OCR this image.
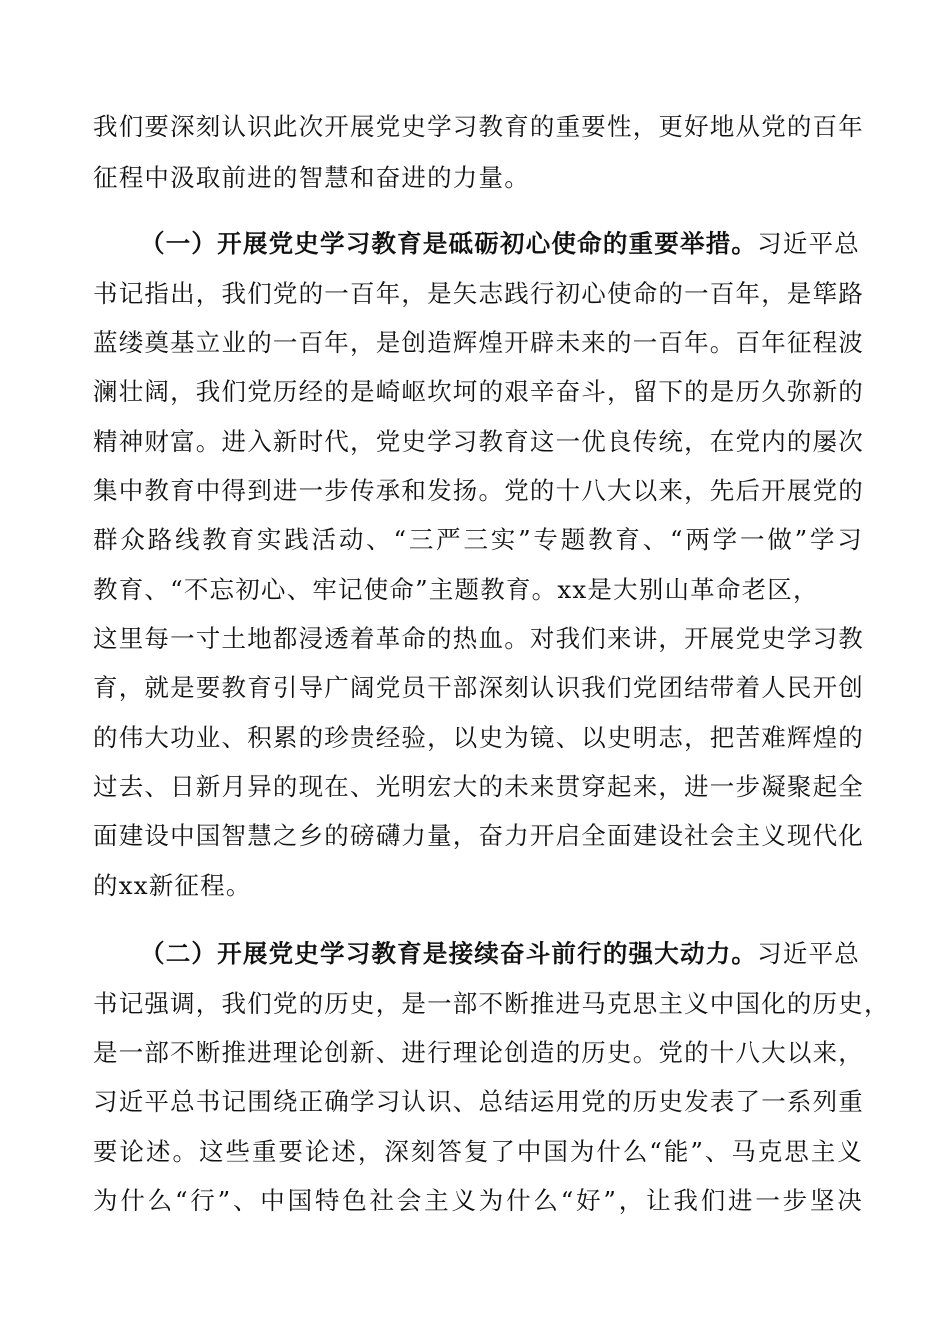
我们要深刻认识此次开展党史学习教育的重要性，更好地从党的百年
征程中汲取前进的智慧和奋进的力量。
（一）开展党史学习教育是砥砺初心使命的重要举措。习近平总
书记指出，我们党的一百年，是矢志践行初心使命的一百年，是筚路
蓝缕奠基立业的一百年，是创造辉煌开辟未来的一百年。百年征程波
澜壮阔，我们党历经的是崎岖坎坷的艰辛奋斗，留下的是历久弥新的
精神财富。进入新时代，党史学习教育这一优良传统，在党内的屡次
集中教育中得到进一步传承和发扬。党的十八大以来，先后开展党的
群众路线教育实践活动、“三严三实”专题教育、“两学一做”学习
教育、“不忘初心、牢记使命”主题教育。xx是大别山革命老区，
这里每一寸土地都浸透着革命的热血。对我们来讲，开展党史学习教
育，就是要教育引导广阔党员干部深刻认识我们党团结带着人民开创
的伟大功业、积累的珍贵经验，以史为镜、以史明志，把苦难辉煌的
过去、日新月异的现在、光明宏大的未来贯穿起来，进一步凝聚起全
面建设中国智慧之乡的磅礴力量，奋力开启全面建设社会主义现代化
的xx新征程。
（二）开展党史学习教育是接续奋斗前行的强大动力。习近平总
书记强调，我们党的历史，是一部不断推进马克思主义中国化的历史，
是一部不断推进理论创新、进行理论创造的历史。党的十八大以来，
习近平总书记围绕正确学习认识、总结运用党的历史发表了一系列重
要论述。这些重要论述，深刻答复了中国为什么“能”、马克思主义
为什么“行”、中国特色社会主义为什么“好”，让我们进一步坚决
